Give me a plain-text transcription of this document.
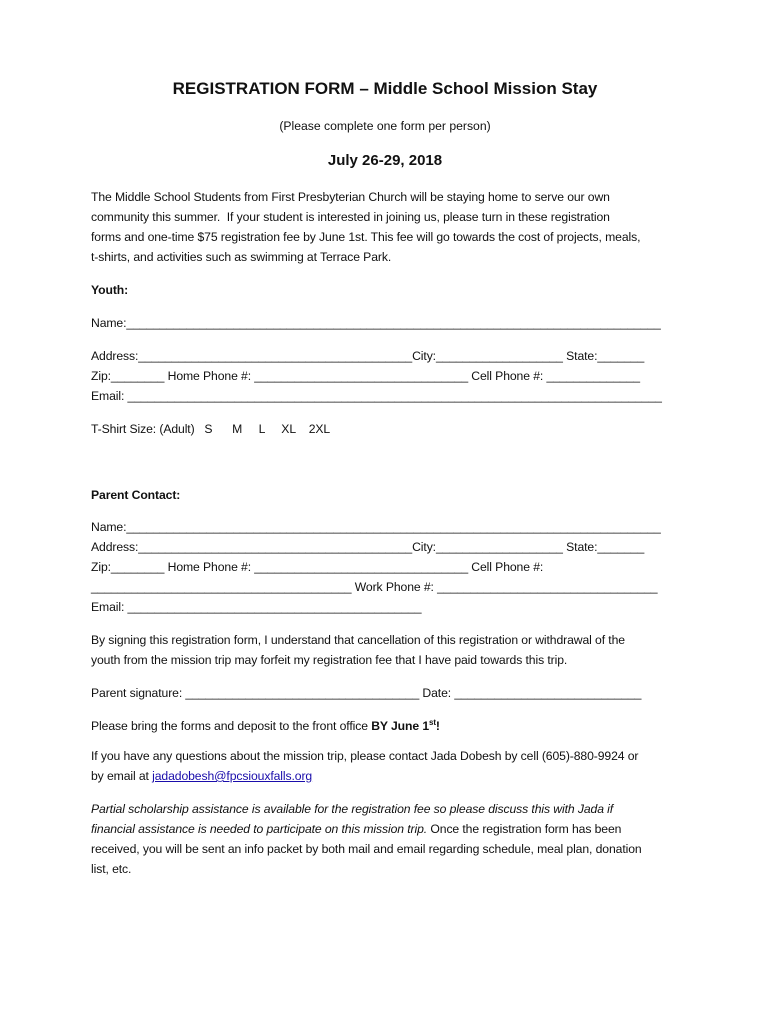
REGISTRATION FORM – Middle School Mission Stay
(Please complete one form per person)
July 26-29, 2018
The Middle School Students from First Presbyterian Church will be staying home to serve our own
community this summer.  If your student is interested in joining us, please turn in these registration
forms and one-time $75 registration fee by June 1st. This fee will go towards the cost of projects, meals,
t-shirts, and activities such as swimming at Terrace Park.
Youth:
Name:________________________________________________________________________________
Address:_________________________________________City:___________________ State:_______
Zip:________ Home Phone #: ________________________________ Cell Phone #: ______________
Email: ________________________________________________________________________________
T-Shirt Size: (Adult)   S      M     L     XL    2XL
Parent Contact:
Name:________________________________________________________________________________
Address:_________________________________________City:___________________ State:_______
Zip:________ Home Phone #: ________________________________ Cell Phone #:
_______________________________________ Work Phone #: _________________________________
Email: ____________________________________________
By signing this registration form, I understand that cancellation of this registration or withdrawal of the
youth from the mission trip may forfeit my registration fee that I have paid towards this trip.
Parent signature: ___________________________________ Date: ____________________________
Please bring the forms and deposit to the front office BY June 1st!
If you have any questions about the mission trip, please contact Jada Dobesh by cell (605)-880-9924 or
by email at jadadobesh@fpcsiouxfalls.org
Partial scholarship assistance is available for the registration fee so please discuss this with Jada if
financial assistance is needed to participate on this mission trip. Once the registration form has been
received, you will be sent an info packet by both mail and email regarding schedule, meal plan, donation
list, etc.
